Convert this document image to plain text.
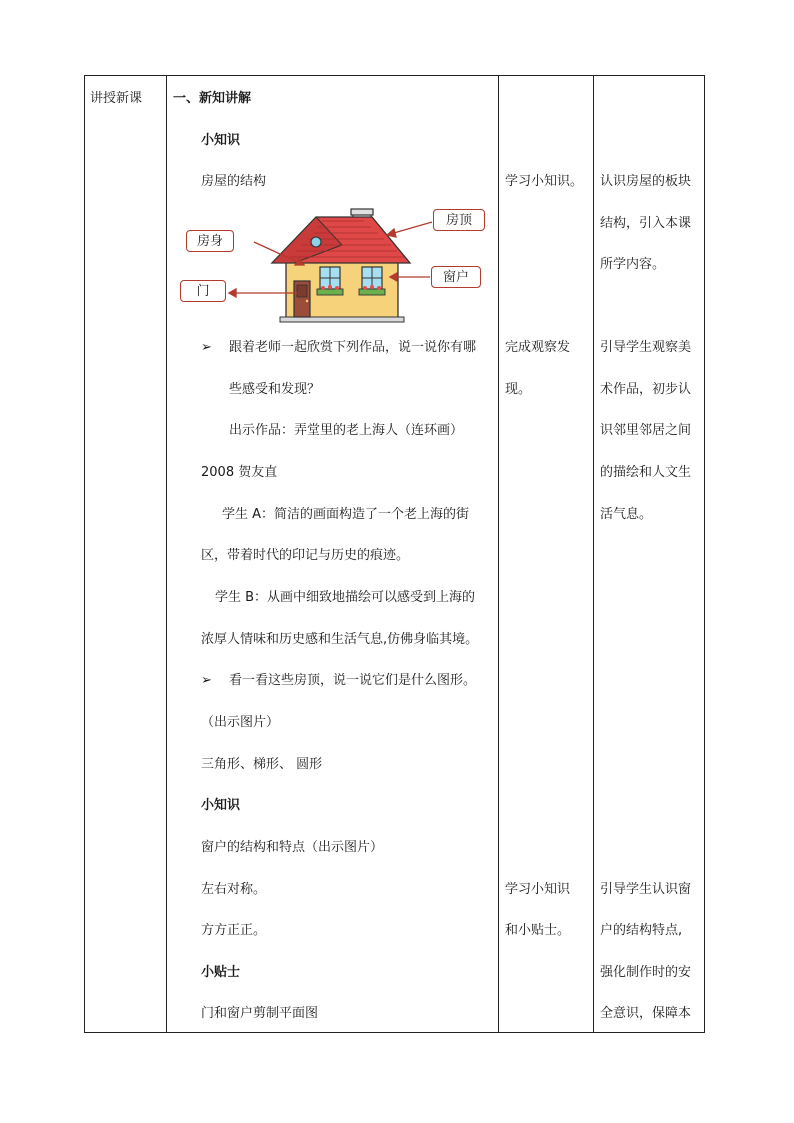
讲授新课 一、新知讲解
小知识
房屋的结构
房身
房顶
门
窗户
➢ 跟着老师一起欣赏下列作品，说一说你有哪
些感受和发现？
出示作品：弄堂里的老上海人（连环画）
2008 贺友直
学生 A：简洁的画面构造了一个老上海的街
区，带着时代的印记与历史的痕迹。
学生 B：从画中细致地描绘可以感受到上海的
浓厚人情味和历史感和生活气息,仿佛身临其境。
➢ 看一看这些房顶，说一说它们是什么图形。
（出示图片）
三角形、梯形、 圆形
小知识
窗户的结构和特点（出示图片）
左右对称。
方方正正。
小贴士
门和窗户剪制平面图
学习小知识。
完成观察发
现。
学习小知识
和小贴士。
认识房屋的板块
结构，引入本课
所学内容。
引导学生观察美
术作品，初步认
识邻里邻居之间
的描绘和人文生
活气息。
引导学生认识窗
户的结构特点,
强化制作时的安
全意识，保障本
